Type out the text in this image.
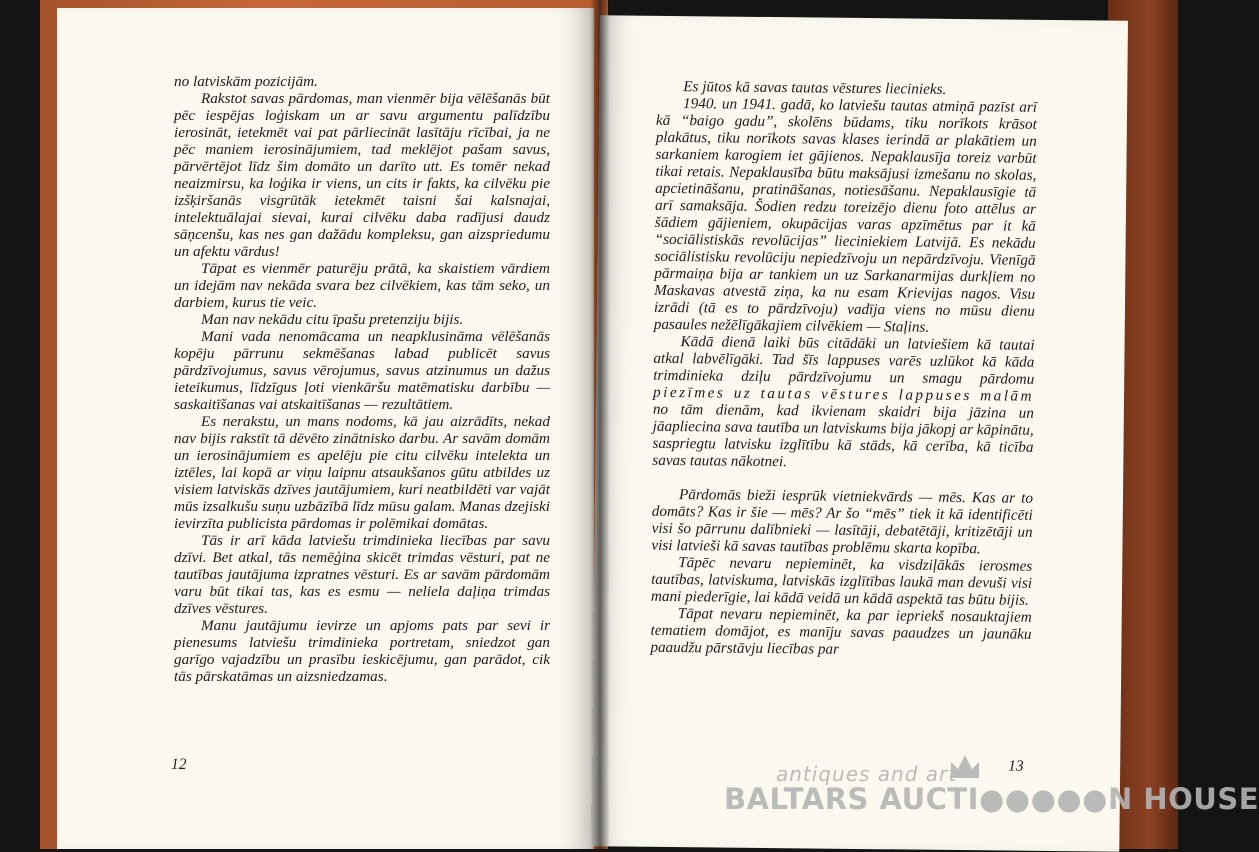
no latviskām pozicijām.

Rakstot savas pārdomas, man vienmēr bija vēlēšanās būt pēc iespējas loģiskam un ar savu argumentu palīdzību ierosināt, ietekmēt vai pat pārliecināt lasītāju rīcībai, ja ne pēc maniem ierosinājumiem, tad meklējot pašam savus, pārvērtējot līdz šim domāto un darīto utt. Es tomēr nekad neaizmirsu, ka loģika ir viens, un cits ir fakts, ka cilvēku pie izšķiršanās visgrūtāk ietekmēt taisni šai kalsnajai, intelektuālajai sievai, kurai cilvēku daba radījusi daudz sāņcenšu, kas nes gan dažādu kompleksu, gan aizspriedumu un afektu vārdus!

Tāpat es vienmēr paturēju prātā, ka skaistiem vārdiem un idejām nav nekāda svara bez cilvēkiem, kas tām seko, un darbiem, kurus tie veic.

Man nav nekādu citu īpašu pretenziju bijis.

Mani vada nenomācama un neapklusināma vēlēšanās kopēju pārrunu sekmēšanas labad publicēt savus pārdzīvojumus, savus vērojumus, savus atzinumus un dažus ieteikumus, līdzīgus ļoti vienkāršu matēmatisku darbību — saskaitīšanas vai atskaitīšanas — rezultātiem.

Es nerakstu, un mans nodoms, kā jau aizrādīts, nekad nav bijis rakstīt tā dēvēto zinātnisko darbu. Ar savām domām un ierosinājumiem es apelēju pie citu cilvēku intelekta un iztēles, lai kopā ar viņu laipnu atsaukšanos gūtu atbildes uz visiem latviskās dzīves jautājumiem, kuri neatbildēti var vajāt mūs izsalkušu suņu uzbāzībā līdz mūsu galam. Manas dzejiski ievirzīta publicista pārdomas ir polēmikai domātas.

Tās ir arī kāda latviešu trimdinieka liecības par savu dzīvi. Bet atkal, tās nemēģina skicēt trimdas vēsturi, pat ne tautības jautājuma izpratnes vēsturi. Es ar savām pārdomām varu būt tikai tas, kas es esmu — neliela daļiņa trimdas dzīves vēstures.

Manu jautājumu ievirze un apjoms pats par sevi ir pienesums latviešu trimdinieka portretam, sniedzot gan garīgo vajadzību un prasību ieskicējumu, gan parādot, cik tās pārskatāmas un aizsniedzamas.

12

Es jūtos kā savas tautas vēstures liecinieks.

1940. un 1941. gadā, ko latviešu tautas atmiņā pazīst arī kā “baigo gadu”, skolēns būdams, tiku norīkots krāsot plakātus, tiku norīkots savas klases ierindā ar plakātiem un sarkaniem karogiem iet gājienos. Nepaklausīja toreiz varbūt tikai retais. Nepaklausība būtu maksājusi izmešanu no skolas, apcietināšanu, pratināšanas, notiesāšanu. Nepaklausīgie tā arī samaksāja. Šodien redzu toreizējo dienu foto attēlus ar šādiem gājieniem, okupācijas varas apzīmētus par it kā “sociālistiskās revolūcijas” lieciniekiem Latvijā. Es nekādu sociālistisku revolūciju nepiedzīvoju un nepārdzīvoju. Vienīgā pārmaiņa bija ar tankiem un uz Sarkanarmijas durkļiem no Maskavas atvestā ziņa, ka nu esam Krievijas nagos. Visu izrādi (tā es to pārdzīvoju) vadīja viens no mūsu dienu pasaules nežēlīgākajiem cilvēkiem — Staļins.

Kādā dienā laiki būs citādāki un latviešiem kā tautai atkal labvēlīgāki. Tad šīs lappuses varēs uzlūkot kā kāda trimdinieka dziļu pārdzīvojumu un smagu pārdomu piezīmes uz tautas vēstures lappuses malām no tām dienām, kad ikvienam skaidri bija jāzina un jāapliecina sava tautība un latviskums bija jākopj ar kāpinātu, saspriegtu latvisku izglītību kā stāds, kā cerība, kā ticība savas tautas nākotnei.

Pārdomās bieži iesprūk vietniekvārds — mēs. Kas ar to domāts? Kas ir šie — mēs? Ar šo “mēs” tiek it kā identificēti visi šo pārrunu dalībnieki — lasītāji, debatētāji, kritizētāji un visi latvieši kā savas tautības problēmu skarta kopība.

Tāpēc nevaru nepieminēt, ka visdziļākās ierosmes tautības, latviskuma, latviskās izglītības laukā man devuši visi mani piederīgie, lai kādā veidā un kādā aspektā tas būtu bijis.

Tāpat nevaru nepieminēt, ka par iepriekš nosauktajiem tematiem domājot, es manīju savas paaudzes un jaunāku paaudžu pārstāvju liecības par

13
antiques and art
BALTARS AUCTI●●●●●N HOUSE
